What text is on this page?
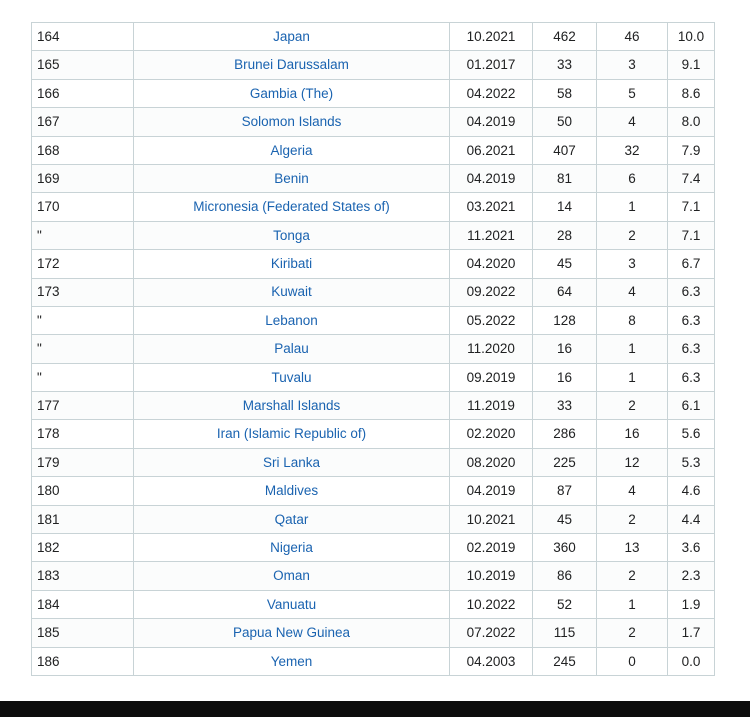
164	Japan	10.2021	462	46	10.0
165	Brunei Darussalam	01.2017	33	3	9.1
166	Gambia (The)	04.2022	58	5	8.6
167	Solomon Islands	04.2019	50	4	8.0
168	Algeria	06.2021	407	32	7.9
169	Benin	04.2019	81	6	7.4
170	Micronesia (Federated States of)	03.2021	14	1	7.1
"	Tonga	11.2021	28	2	7.1
172	Kiribati	04.2020	45	3	6.7
173	Kuwait	09.2022	64	4	6.3
"	Lebanon	05.2022	128	8	6.3
"	Palau	11.2020	16	1	6.3
"	Tuvalu	09.2019	16	1	6.3
177	Marshall Islands	11.2019	33	2	6.1
178	Iran (Islamic Republic of)	02.2020	286	16	5.6
179	Sri Lanka	08.2020	225	12	5.3
180	Maldives	04.2019	87	4	4.6
181	Qatar	10.2021	45	2	4.4
182	Nigeria	02.2019	360	13	3.6
183	Oman	10.2019	86	2	2.3
184	Vanuatu	10.2022	52	1	1.9
185	Papua New Guinea	07.2022	115	2	1.7
186	Yemen	04.2003	245	0	0.0
